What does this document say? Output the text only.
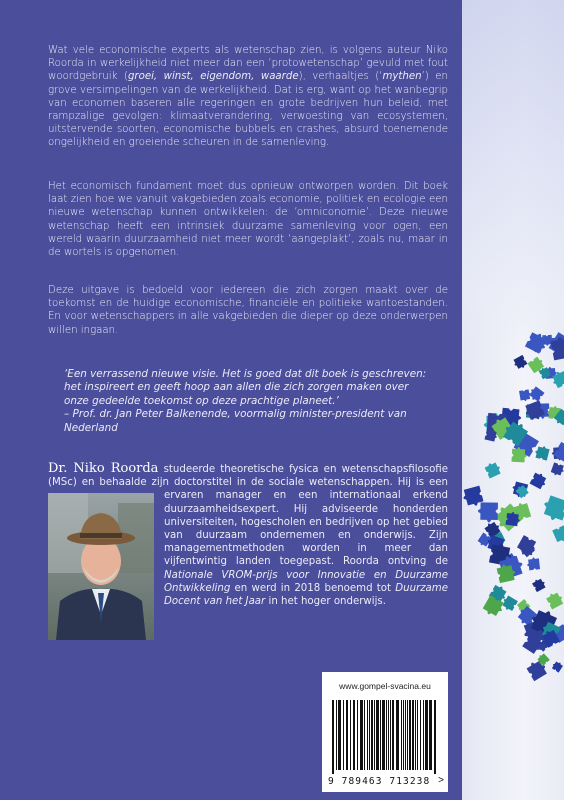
Wat vele economische experts als wetenschap zien, is volgens auteur Niko Roorda in werkelijkheid niet meer dan een ‘protowetenschap’ gevuld met fout woordgebruik (groei, winst, eigendom, waarde), verhaaltjes (‘mythen’) en grove versimpelingen van de werkelijkheid. Dat is erg, want op het wanbegrip van economen baseren alle regeringen en grote bedrijven hun beleid, met rampzalige gevolgen: klimaatverandering, verwoesting van ecosystemen, uitstervende soorten, economische bubbels en crashes, absurd toenemende ongelijkheid en groeiende scheuren in de samenleving.

Het economisch fundament moet dus opnieuw ontworpen worden. Dit boek laat zien hoe we vanuit vakgebieden zoals economie, politiek en ecologie een nieuwe wetenschap kunnen ontwikkelen: de ‘omniconomie’. Deze nieuwe wetenschap heeft een intrinsiek duurzame samenleving voor ogen, een wereld waarin duurzaamheid niet meer wordt ‘aangeplakt’, zoals nu, maar in de wortels is opgenomen.

Deze uitgave is bedoeld voor iedereen die zich zorgen maakt over de toekomst en de huidige economische, financiële en politieke wantoestanden. En voor wetenschappers in alle vakgebieden die dieper op deze onderwerpen willen ingaan.

‘Een verrassend nieuwe visie. Het is goed dat dit boek is geschreven: het inspireert en geeft hoop aan allen die zich zorgen maken over onze gedeelde toekomst op deze prachtige planeet.’
– Prof. dr. Jan Peter Balkenende, voormalig minister-president van Nederland
Dr. Niko Roorda studeerde theoretische fysica en wetenschapsfilosofie (MSc) en behaalde zijn doctorstitel in de sociale wetenschappen.
Hij is een ervaren manager en een internationaal erkend duurzaamheidsexpert. Hij adviseerde honderden universiteiten, hogescholen en bedrijven op het gebied van duurzaam ondernemen en onderwijs. Zijn managementmethoden worden in meer dan vijfentwintig landen toegepast. Roorda ontving de Nationale VROM-prijs voor Innovatie en Duurzame Ontwikkeling en werd in 2018 benoemd tot Duurzame Docent van het Jaar in het hoger onderwijs.
www.gompel-svacina.eu
9 789463 713238 >
